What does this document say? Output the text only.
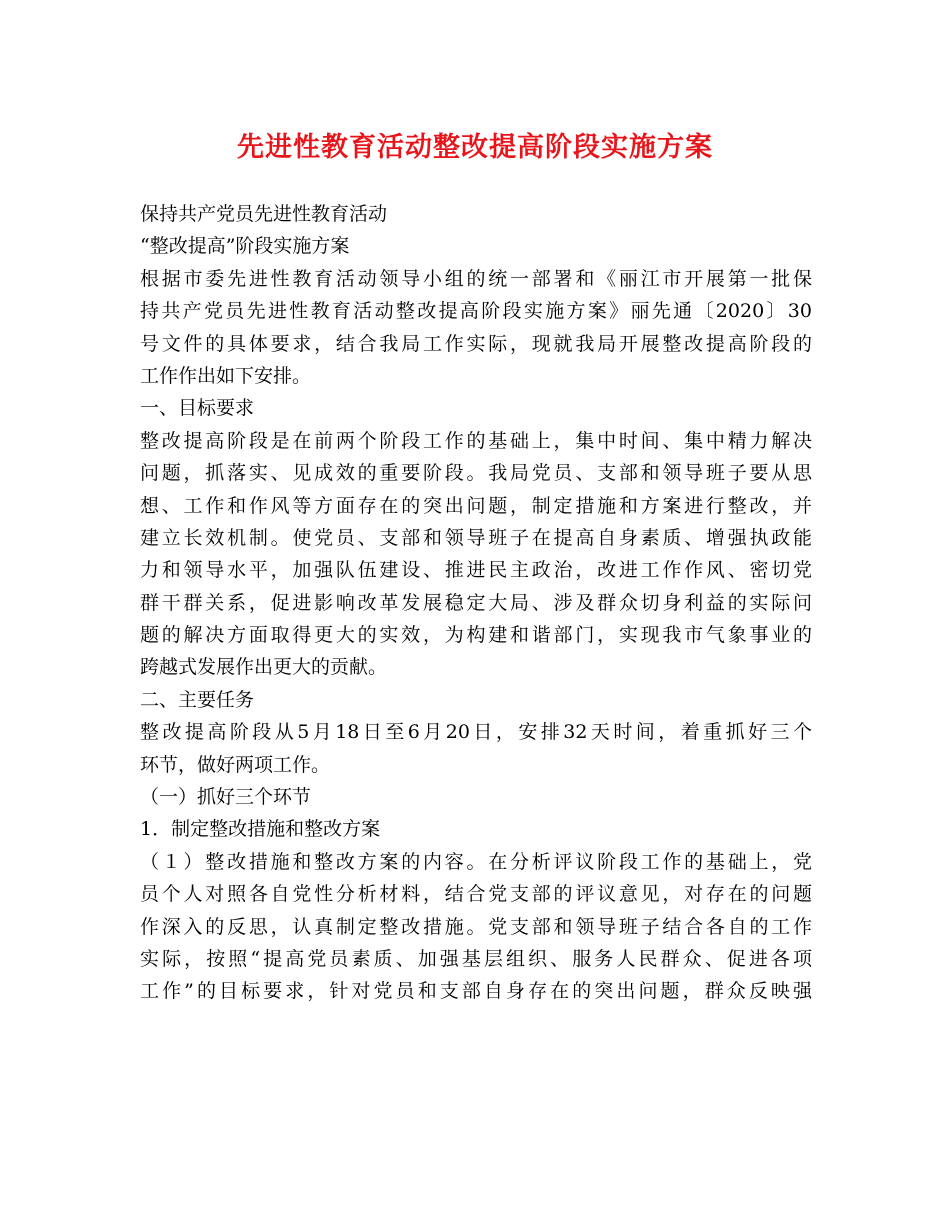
先进性教育活动整改提高阶段实施方案
保持共产党员先进性教育活动
“整改提高”阶段实施方案
根据市委先进性教育活动领导小组的统一部署和《丽江市开展第一批保
持共产党员先进性教育活动整改提高阶段实施方案》丽先通〔2020〕30
号文件的具体要求，结合我局工作实际，现就我局开展整改提高阶段的
工作作出如下安排。
一、目标要求
整改提高阶段是在前两个阶段工作的基础上，集中时间、集中精力解决
问题，抓落实、见成效的重要阶段。我局党员、支部和领导班子要从思
想、工作和作风等方面存在的突出问题，制定措施和方案进行整改，并
建立长效机制。使党员、支部和领导班子在提高自身素质、增强执政能
力和领导水平，加强队伍建设、推进民主政治，改进工作作风、密切党
群干群关系，促进影响改革发展稳定大局、涉及群众切身利益的实际问
题的解决方面取得更大的实效，为构建和谐部门，实现我市气象事业的
跨越式发展作出更大的贡献。
二、主要任务
整改提高阶段从5月18日至6月20日，安排32天时间，着重抓好三个
环节，做好两项工作。
（一）抓好三个环节
1．制定整改措施和整改方案
（１）整改措施和整改方案的内容。在分析评议阶段工作的基础上，党
员个人对照各自党性分析材料，结合党支部的评议意见，对存在的问题
作深入的反思，认真制定整改措施。党支部和领导班子结合各自的工作
实际，按照“提高党员素质、加强基层组织、服务人民群众、促进各项
工作”的目标要求，针对党员和支部自身存在的突出问题，群众反映强
